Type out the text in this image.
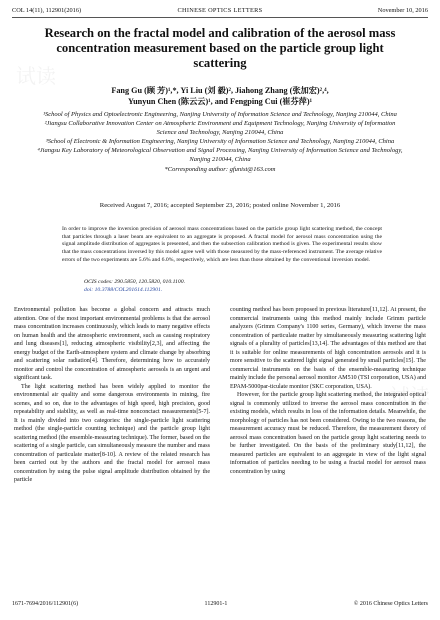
试读
试读
COL 14(11), 112901(2016)	CHINESE OPTICS LETTERS	November 10, 2016
Research on the fractal model and calibration of the aerosol mass concentration measurement based on the particle group light scattering
Fang Gu (顾 芳)¹,*, Yi Liu (刘 毅)², Jiahong Zhang (张加宏)²,⁴,
Yunyun Chen (陈云云)¹, and Fengping Cui (崔芬萍)¹
¹School of Physics and Optoelectronic Engineering, Nanjing University of Information Science and Technology, Nanjing 210044, China
²Jiangsu Collaborative Innovation Center on Atmospheric Environment and Equipment Technology, Nanjing University of Information Science and Technology, Nanjing 210044, China
³School of Electronic & Information Engineering, Nanjing University of Information Science and Technology, Nanjing 210044, China
⁴Jiangsu Key Laboratory of Meteorological Observation and Signal Processing, Nanjing University of Information Science and Technology, Nanjing 210044, China
*Corresponding author: gfunist@163.com
Received August 7, 2016; accepted September 23, 2016; posted online November 1, 2016
In order to improve the inversion precision of aerosol mass concentrations based on the particle group light scattering method, the concept that particles through a laser beam are equivalent to an aggregate is proposed. A fractal model for aerosol mass concentration using the signal amplitude distribution of aggregates is presented, and then the subsection calibration method is given. The experimental results show that the mass concentrations inversed by this model agree well with those measured by the mass-referenced instrument. The average relative errors of the two experiments are 5.6% and 6.0%, respectively, which are less than those obtained by the conventional inversion model.
OCIS codes: 290.5850, 120.5820, 010.1100.
doi: 10.3788/COL201614.112901.

Environmental pollution has become a global concern and attracts much attention. One of the most important environmental problems is that the aerosol mass concentration increases continuously, which leads to many negative effects on human health and the atmospheric environment, such as causing respiratory and lung diseases[1], reducing atmospheric visibility[2,3], and affecting the energy budget of the Earth-atmosphere system and climate change by absorbing and scattering solar radiation[4]. Therefore, determining how to accurately monitor and control the concentration of atmospheric aerosols is an urgent and significant task.

The light scattering method has been widely applied to monitor the environmental air quality and some dangerous environments in mining, fire scenes, and so on, due to the advantages of high speed, high precision, good repeatability and stability, as well as real-time nonconctact measurements[5-7]. It is mainly divided into two categories: the single-particle light scattering method (the single-particle counting technique) and the particle group light scattering method (the ensemble-measuring technique). The former, based on the scattering of a single particle, can simultaneously measure the number and mass concentration of particulate matter[8-10]. A review of the related research has been carried out by the authors and the fractal model for aerosol mass concentration by using the pulse signal amplitude distribution obtained by the particle

counting method has been proposed in previous literature[11,12]. At present, the commercial instruments using this method mainly include Grimm particle analyzers (Grimm Company's 1100 series, Germany), which inverse the mass concentration of particulate matter by simultaneously measuring scattering light signals of a plurality of particles[13,14]. The advantages of this method are that it is suitable for online measurements of high concentration aerosols and it is more sensitive to the scattered light signal generated by small particles[15]. The commercial instruments on the basis of the ensemble-measuring technique mainly include the personal aerosol monitor AM510 (TSI corporation, USA) and EPAM-5000par-ticulate monitor (SKC corporation, USA).

However, for the particle group light scattering method, the integrated optical signal is commonly utilized to inverse the aerosol mass concentration in the existing models, which results in loss of the information details. Meanwhile, the morphology of particles has not been considered. Owing to the two reasons, the measurement accuracy must be reduced. Therefore, the measurement theory of aerosol mass concentration based on the particle group light scattering needs to be further investigated. On the basis of the preliminary study[11,12], the measured particles are equivalent to an aggregate in view of the light signal information of particles needing to be using a fractal model for aerosol mass concentration by using

1671-7694/2016/112901(6)	112901-1	© 2016 Chinese Optics Letters
